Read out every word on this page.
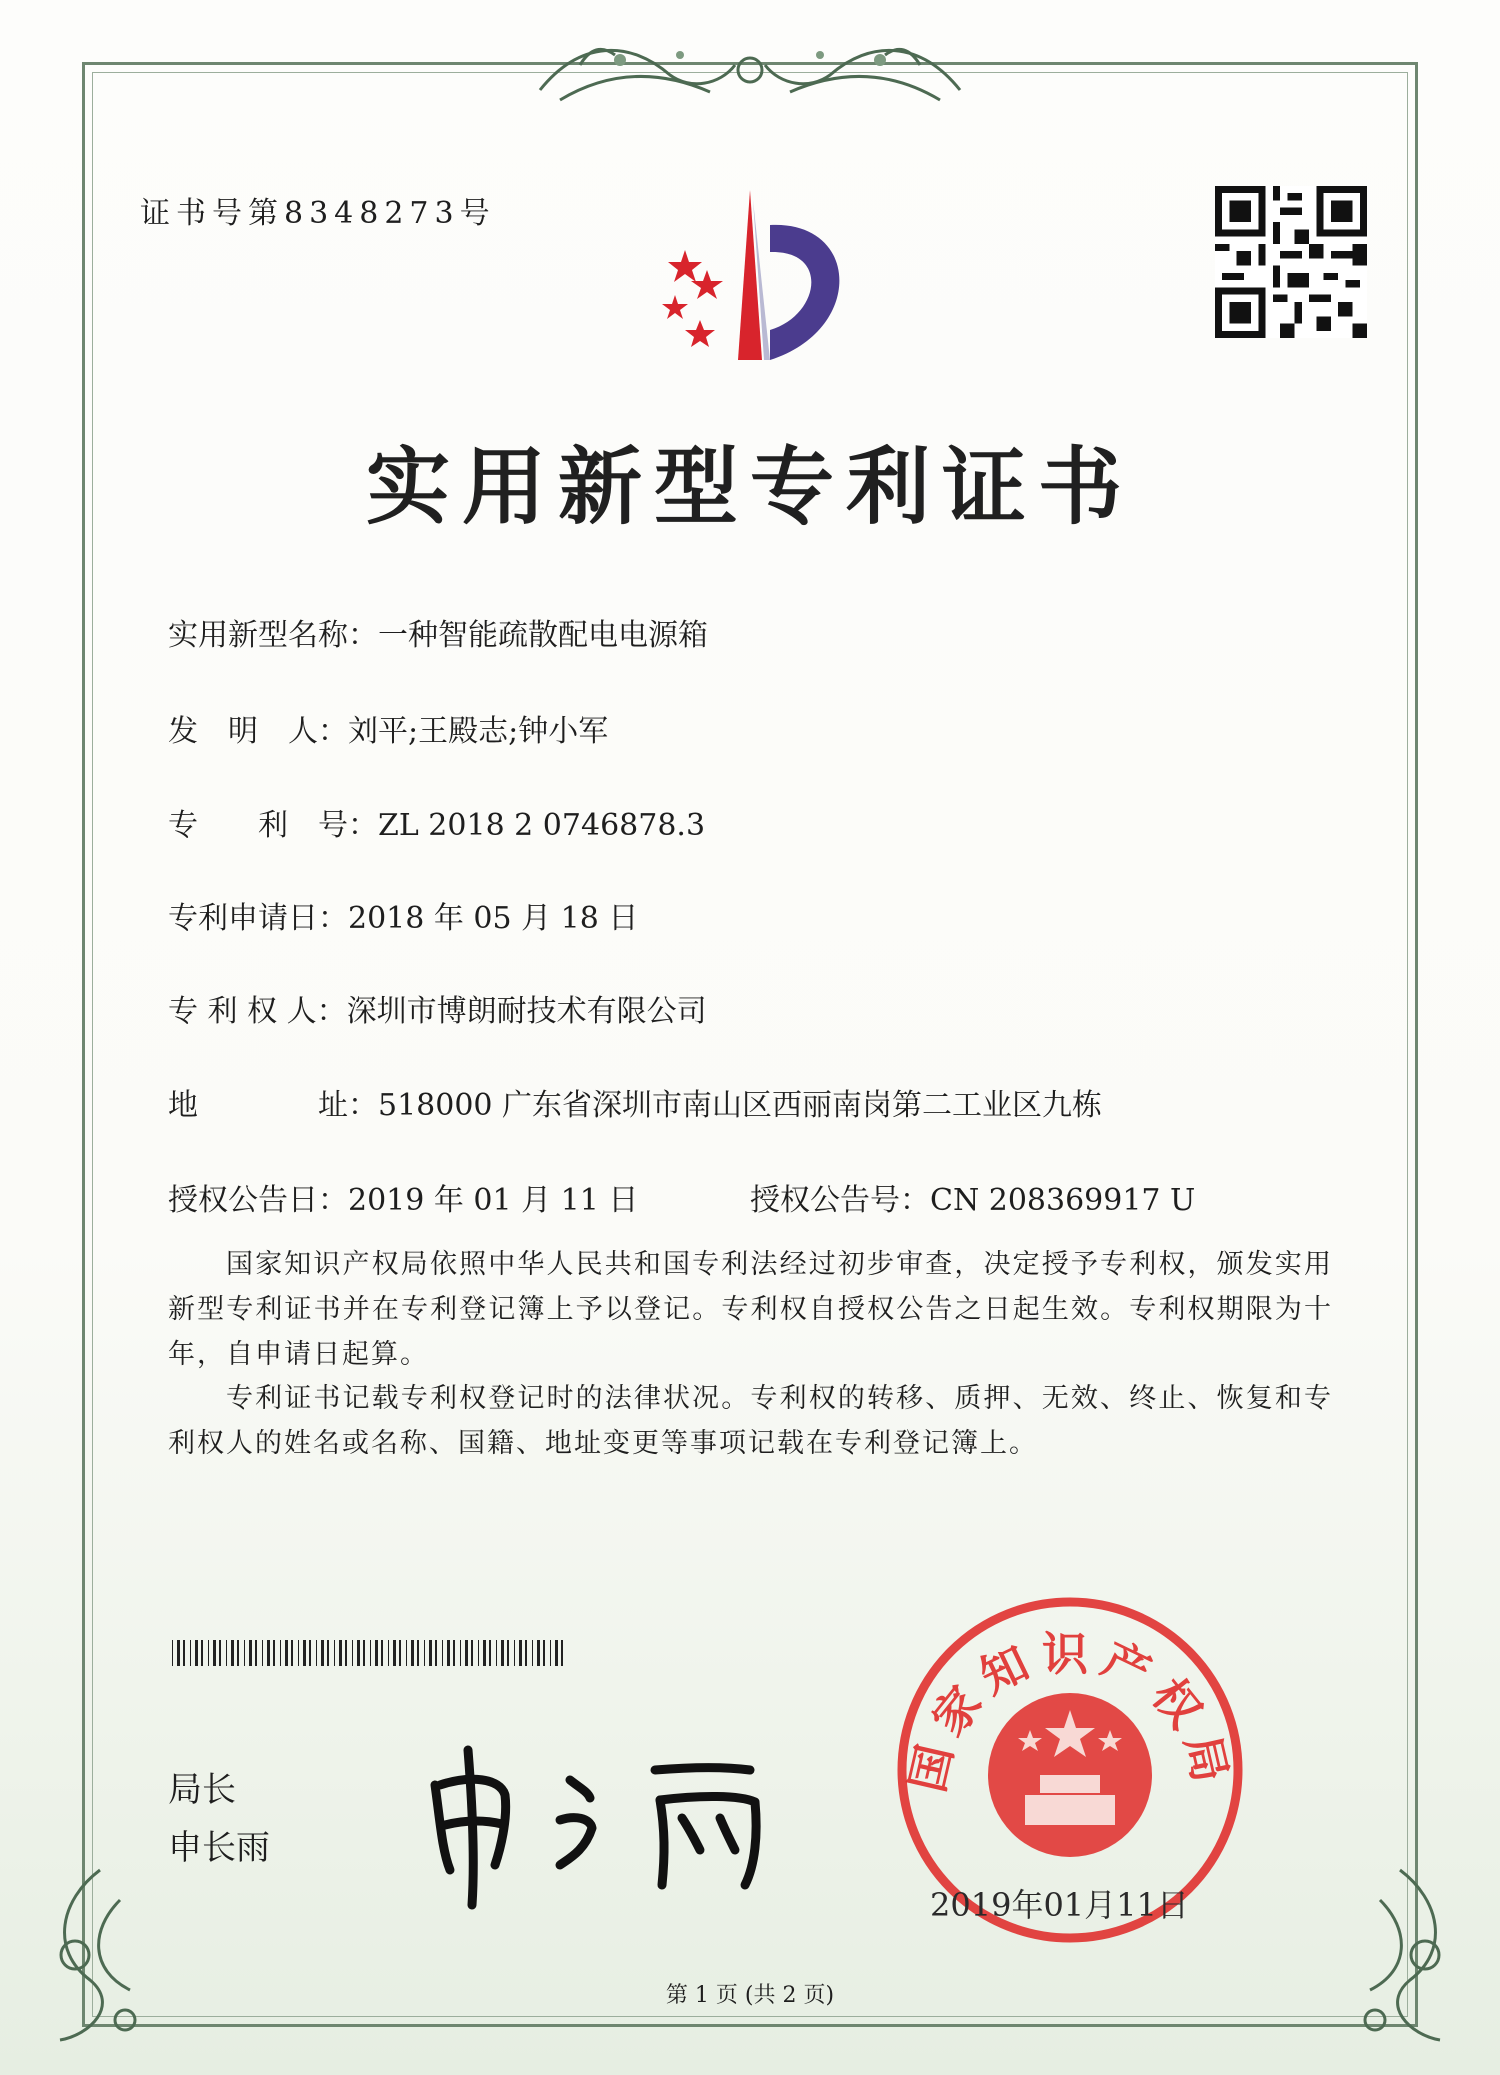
证书号第8348273号
实用新型专利证书
实用新型名称：一种智能疏散配电电源箱
发　明　人：刘平;王殿志;钟小军
专　　利　号：ZL 2018 2 0746878.3
专利申请日：2018 年 05 月 18 日
专 利 权 人：深圳市博朗耐技术有限公司
地　　　　址：518000 广东省深圳市南山区西丽南岗第二工业区九栋
授权公告日：2019 年 01 月 11 日	授权公告号：CN 208369917 U
国家知识产权局依照中华人民共和国专利法经过初步审查，决定授予专利权，颁发实用新型专利证书并在专利登记簿上予以登记。专利权自授权公告之日起生效。专利权期限为十年，自申请日起算。
专利证书记载专利权登记时的法律状况。专利权的转移、质押、无效、终止、恢复和专利权人的姓名或名称、国籍、地址变更等事项记载在专利登记簿上。
局长
申长雨
国家知识产权局
2019年01月11日
第 1 页 (共 2 页)
